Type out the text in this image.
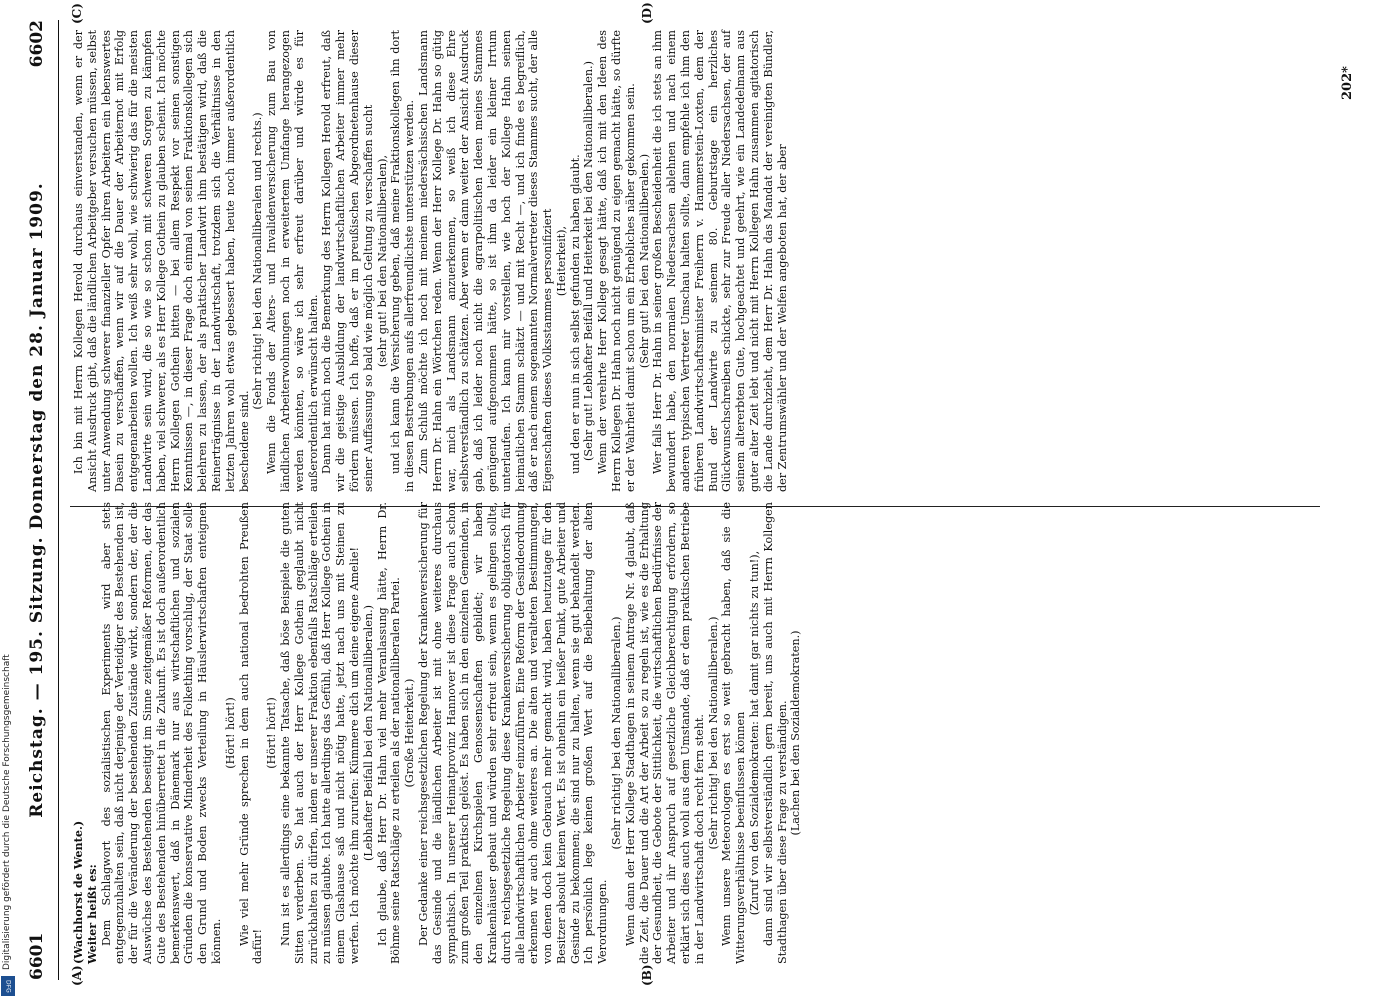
6601
Reichstag. — 195. Sitzung. Donnerstag den 28. Januar 1909.
6602
(A)	(B)
(C)	(D)

(Wachhorst de Wente.) Weiter heißt es: Dem Schlagwort des sozialistischen Experiments wird aber stets entgegenzuhalten sein, daß nicht derjenige der Verteidiger des Bestehenden ist, der für die Veränderung der bestehenden Zustände wirkt, sondern der, der die Auswüchse des Bestehenden beseitigt im Sinne zeitgemäßer Reformen, der das Gute des Bestehenden hinüberrettet in die Zukunft. Es ist doch außerordentlich bemerkenswert, daß in Dänemark nur aus wirtschaftlichen und sozialen Gründen die konservative Minderheit des Folkething vorschlug, der Staat solle den Grund und Boden zwecks Verteilung in Häuslerwirtschaften enteignen können.

(Hört! hört!) Wie viel mehr Gründe sprechen in dem auch national bedrohten Preußen dafür!

(Hört! hört!) Nun ist es allerdings eine bekannte Tatsache, daß böse Beispiele die guten Sitten verderben. So hat auch der Herr Kollege Gothein geglaubt nicht zurückhalten zu dürfen, indem er unserer Fraktion ebenfalls Ratschläge erteilen zu müssen glaubte. Ich hatte allerdings das Gefühl, daß Herr Kollege Gothein in einem Glashause saß und nicht nötig hatte, jetzt nach uns mit Steinen zu werfen. Ich möchte ihm zurufen: Kümmere dich um deine eigene Amelie! (Lebhafter Beifall bei den Nationalliberalen.) Ich glaube, daß Herr Dr. Hahn viel mehr Veranlassung hätte, Herrn Dr. Böhme seine Ratschläge zu erteilen als der nationalliberalen Partei. (Große Heiterkeit.) Der Gedanke einer reichsgesetzlichen Regelung der Krankenversicherung für das Gesinde und die ländlichen Arbeiter ist mit ohne weiteres durchaus sympathisch. In unserer Heimatprovinz Hannover ist diese Frage auch schon zum großen Teil praktisch gelöst. Es haben sich in den einzelnen Gemeinden, in den einzelnen Kirchspielen Genossenschaften gebildet; wir haben Krankenhäuser gebaut und würden sehr erfreut sein, wenn es gelingen sollte, durch reichsgesetzliche Regelung diese Krankenversicherung obligatorisch für alle landwirtschaftlichen Arbeiter einzuführen. Eine Reform der Gesindeordnung erkennen wir auch ohne weiteres an. Die alten und veralteten Bestimmungen, von denen doch kein Gebrauch mehr gemacht wird, haben heutzutage für den Besitzer absolut keinen Wert. Es ist ohnehin ein heißer Punkt, gute Arbeiter und Gesinde zu bekommen; die sind nur zu halten, wenn sie gut behandelt werden. Ich persönlich lege keinen großen Wert auf die Beibehaltung der alten Verordnungen.

(Sehr richtig! bei den Nationalliberalen.) Wenn dann der Herr Kollege Stadthagen in seinem Antrage Nr. 4 glaubt, daß die Zeit, die Dauer und die Art der Arbeit so zu regeln ist, wie es die Erhaltung der Gesundheit, die Gebote der Sittlichkeit, die wirtschaftlichen Bedürfnisse der Arbeiter und ihr Anspruch auf gesetzliche Gleichberechtigung erfordern, so erklärt sich dies auch wohl aus dem Umstande, daß er dem praktischen Betriebe in der Landwirtschaft doch recht fern steht. (Sehr richtig! bei den Nationalliberalen.) Wenn unsere Meteorologen es erst so weit gebracht haben, daß sie die Witterungsverhältnisse beeinflussen können (Zuruf von den Sozialdemokraten: hat damit gar nichts zu tun!), dann sind wir selbstverständlich gern bereit, uns auch mit Herrn Kollegen Stadthagen über diese Frage zu verständigen. (Lachen bei den Sozialdemokraten.)

Ich bin mit Herrn Kollegen Herold durchaus einverstanden, wenn er der Ansicht Ausdruck gibt, daß die ländlichen Arbeitgeber versuchen müssen, selbst unter Anwendung schwerer finanzieller Opfer ihren Arbeitern ein lebenswertes Dasein zu verschaffen, wenn wir auf die Dauer der Arbeiternot mit Erfolg entgegenarbeiten wollen. Ich weiß sehr wohl, wie schwierig das für die meisten Landwirte sein wird, die so wie so schon mit schweren Sorgen zu kämpfen haben, viel schwerer, als es Herr Kollege Gothein zu glauben scheint. Ich möchte Herrn Kollegen Gothein bitten — bei allem Respekt vor seinen sonstigen Kenntnissen —, in dieser Frage doch einmal von seinen Fraktionskollegen sich belehren zu lassen, der als praktischer Landwirt ihm bestätigen wird, daß die Reinerträgnisse in der Landwirtschaft, trotzdem sich die Verhältnisse in den letzten Jahren wohl etwas gebessert haben, heute noch immer außerordentlich bescheidene sind.

(Sehr richtig! bei den Nationalliberalen und rechts.) Wenn die Fonds der Alters- und Invalidenversicherung zum Bau von ländlichen Arbeiterwohnungen noch in erweitertem Umfange herangezogen werden könnten, so wäre ich sehr erfreut darüber und würde es für außerordentlich erwünscht halten. Dann hat mich noch die Bemerkung des Herrn Kollegen Herold erfreut, daß wir die geistige Ausbildung der landwirtschaftlichen Arbeiter immer mehr fördern müssen. Ich hoffe, daß er im preußischen Abgeordnetenhause dieser seiner Auffassung so bald wie möglich Geltung zu verschaffen sucht (sehr gut! bei den Nationalliberalen), und ich kann die Versicherung geben, daß meine Fraktionskollegen ihn dort in diesen Bestrebungen aufs allerfreundlichste unterstützen werden. Zum Schluß möchte ich noch mit meinem niedersächsischen Landsmann Herrn Dr. Hahn ein Wörtchen reden. Wenn der Herr Kollege Dr. Hahn so gütig war, mich als Landsmann anzuerkennen, so weiß ich diese Ehre selbstverständlich zu schätzen. Aber wenn er dann weiter der Ansicht Ausdruck gab, daß ich leider noch nicht die agrarpolitischen Ideen meines Stammes genügend aufgenommen hätte, so ist ihm da leider ein kleiner Irrtum unterlaufen. Ich kann mir vorstellen, wie hoch der Kollege Hahn seinen heimatlichen Stamm schätzt — und mit Recht —, und ich finde es begreiflich, daß er nach einem sogenannten Normalvertreter dieses Stammes sucht, der alle Eigenschaften dieses Volksstammes personifiziert (Heiterkeit), und den er nun in sich selbst gefunden zu haben glaubt. (Sehr gut! Lebhafter Beifall und Heiterkeit bei den Nationalliberalen.) Wenn der verehrte Herr Kollege gesagt hätte, daß ich mit den Ideen des Herrn Kollegen Dr. Hahn noch nicht genügend zu eigen gemacht hätte, so dürfte er der Wahrheit damit schon um ein Erhebliches näher gekommen sein. (Sehr gut! bei den Nationalliberalen.) Wer falls Herr Dr. Hahn in seiner großen Bescheidenheit die ich stets an ihm bewundert habe, den normalen Niedersachsen ablehnen und nach einem anderen typischen Vertreter Umschau halten sollte, dann empfehle ich ihm den früheren Landwirtschaftsminister Freiherrn v. Hammerstein-Loxten, dem der Bund der Landwirte zu seinem 80. Geburtstage ein herzliches Glückwunschschreiben schickte, sehr zur Freude aller Niedersachsen, der auf seinem altererbten Gute, hochgeachtet und geehrt, wie ein Landedelmann aus guter alter Zeit lebt und nicht mit Herrn Kollegen Hahn zusammen agitatorisch die Lande durchzieht, dem Herr Dr. Hahn das Mandat der vereinigten Bündler, der Zentrumswähler und der Welfen angeboten hat, der aber

202*
Digitalisierung gefördert durch die Deutsche Forschungsgemeinschaft
DFG
